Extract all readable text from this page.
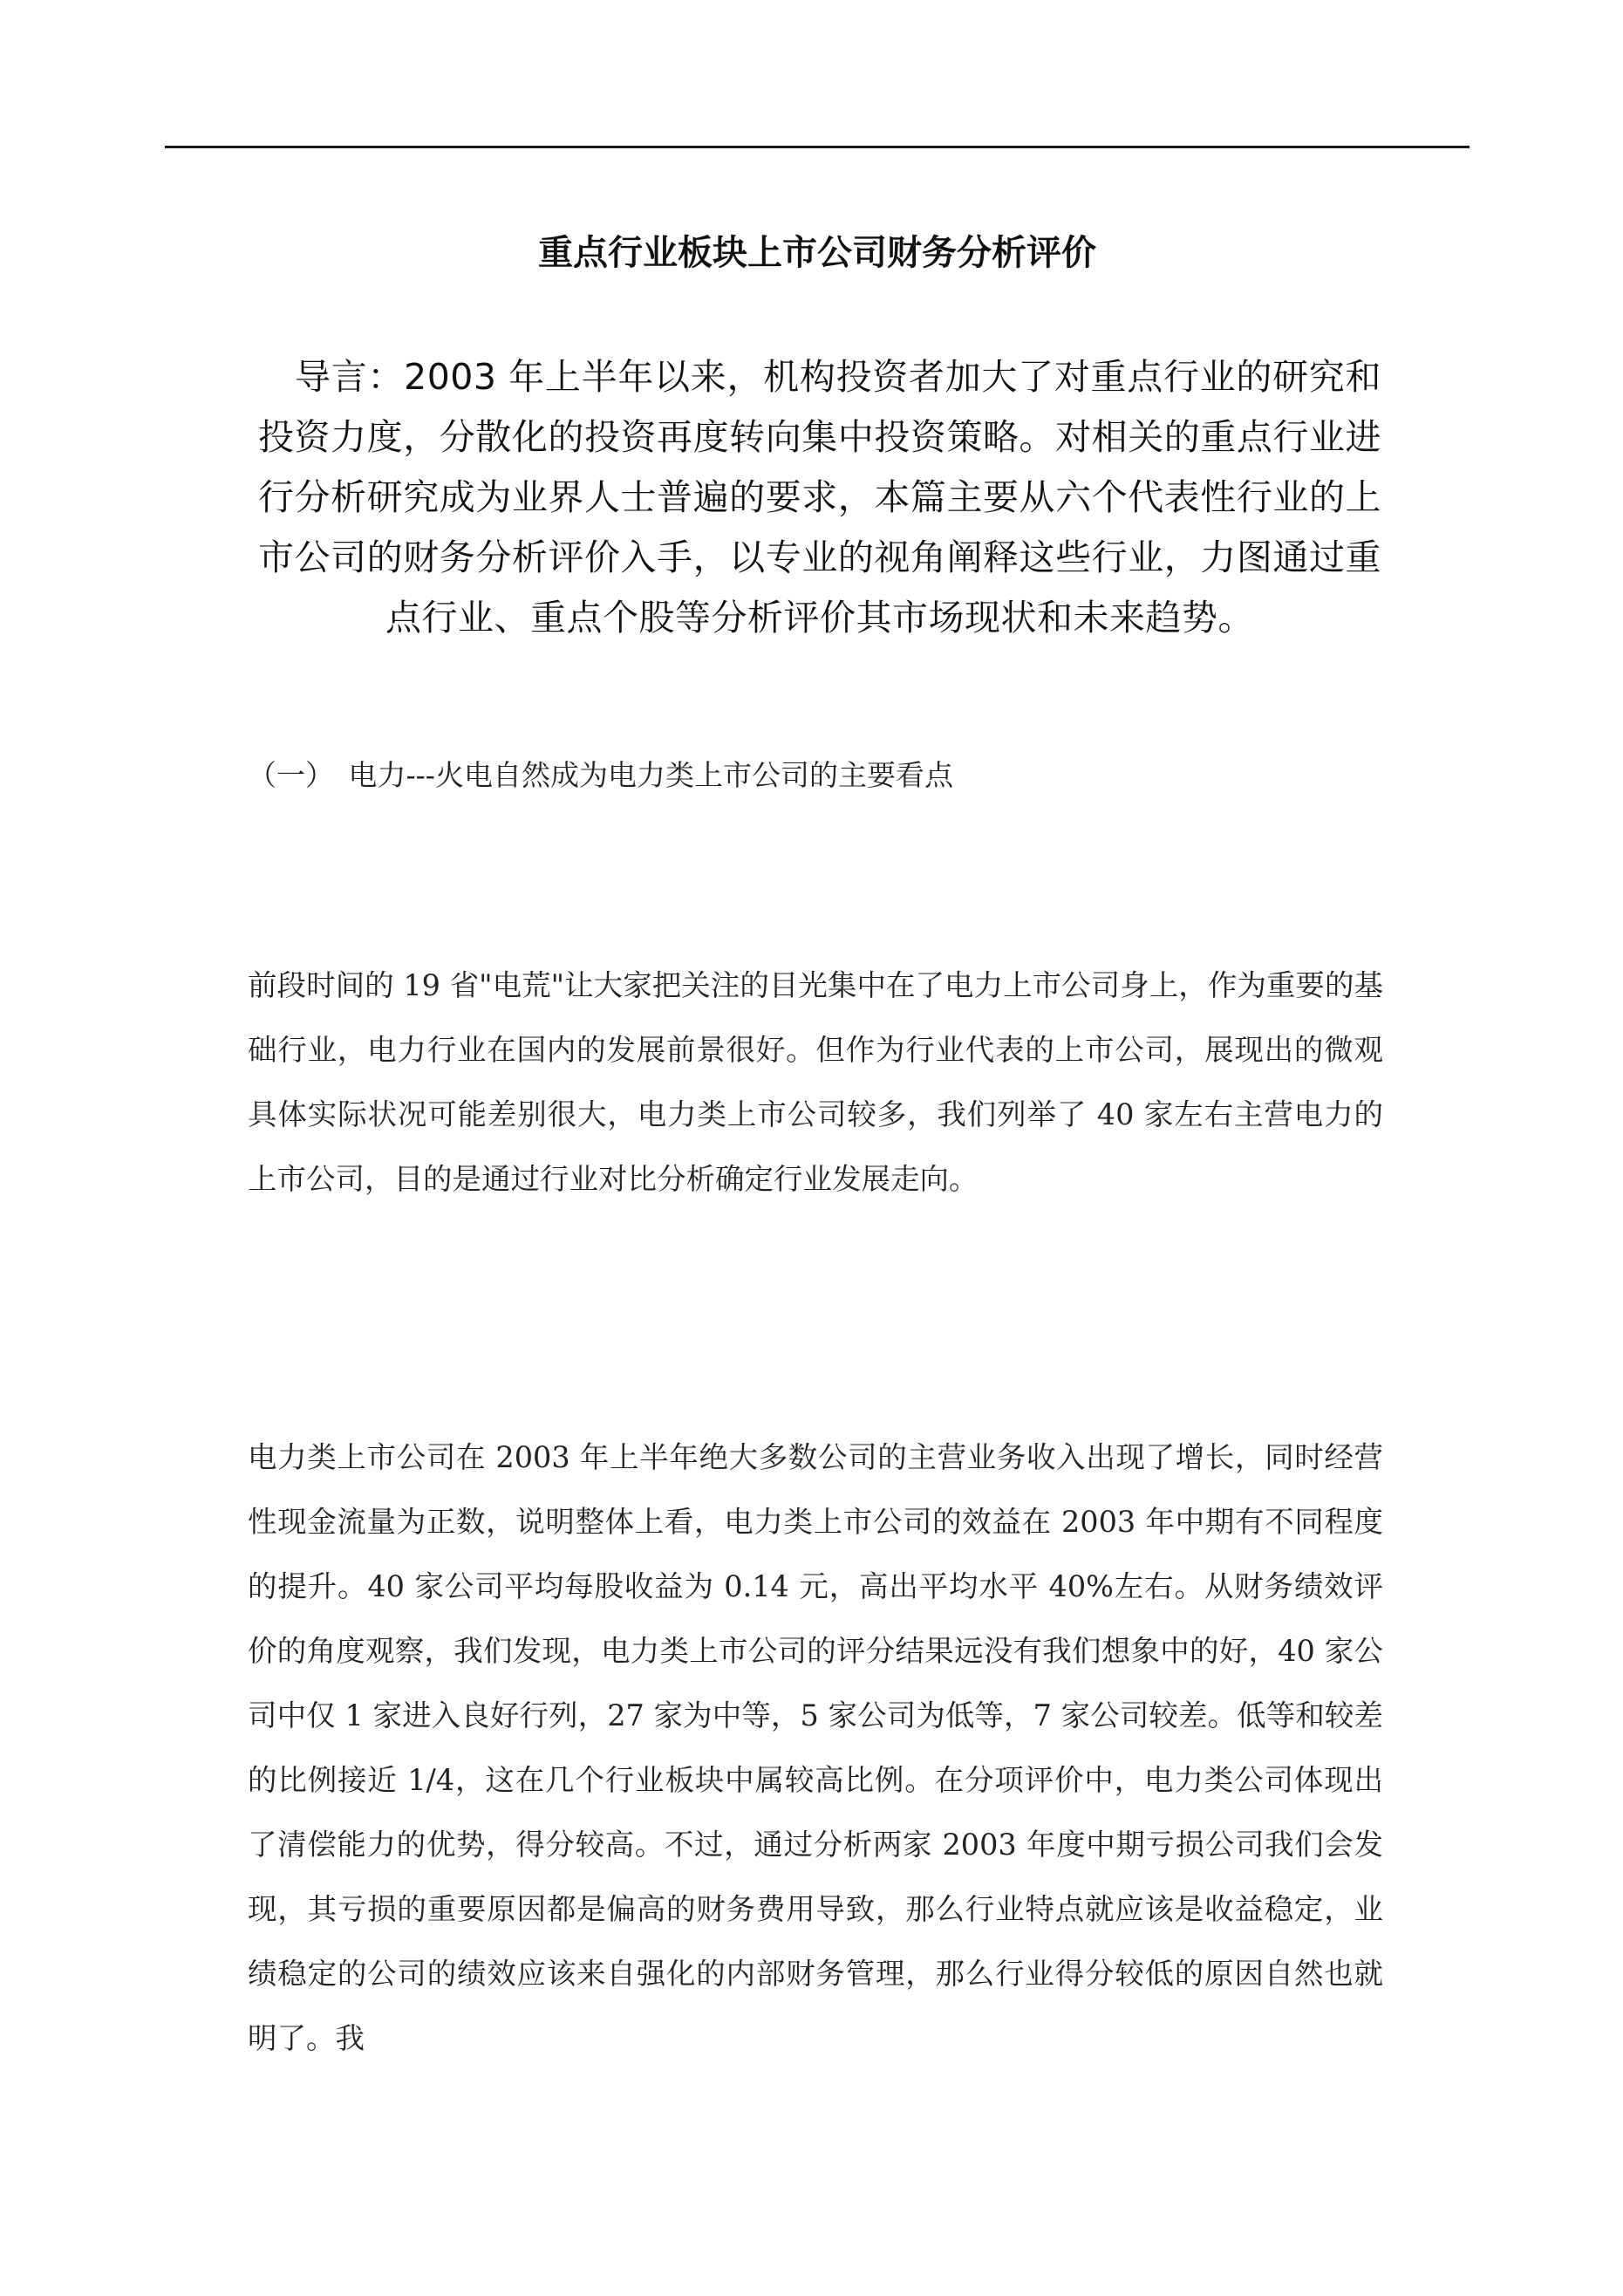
重点行业板块上市公司财务分析评价

导言：2003 年上半年以来，机构投资者加大了对重点行业的研究和投资力度，分散化的投资再度转向集中投资策略。对相关的重点行业进行分析研究成为业界人士普遍的要求，本篇主要从六个代表性行业的上市公司的财务分析评价入手，以专业的视角阐释这些行业，力图通过重点行业、重点个股等分析评价其市场现状和未来趋势。

（一）　电力---火电自然成为电力类上市公司的主要看点

前段时间的 19 省"电荒"让大家把关注的目光集中在了电力上市公司身上，作为重要的基础行业，电力行业在国内的发展前景很好。但作为行业代表的上市公司，展现出的微观具体实际状况可能差别很大，电力类上市公司较多，我们列举了 40 家左右主营电力的上市公司，目的是通过行业对比分析确定行业发展走向。

电力类上市公司在 2003 年上半年绝大多数公司的主营业务收入出现了增长，同时经营性现金流量为正数，说明整体上看，电力类上市公司的效益在 2003 年中期有不同程度的提升。40 家公司平均每股收益为 0.14 元，高出平均水平 40%左右。从财务绩效评价的角度观察，我们发现，电力类上市公司的评分结果远没有我们想象中的好，40 家公司中仅 1 家进入良好行列，27 家为中等，5 家公司为低等，7 家公司较差。低等和较差的比例接近 1/4，这在几个行业板块中属较高比例。在分项评价中，电力类公司体现出了清偿能力的优势，得分较高。不过，通过分析两家 2003 年度中期亏损公司我们会发现，其亏损的重要原因都是偏高的财务费用导致，那么行业特点就应该是收益稳定，业绩稳定的公司的绩效应该来自强化的内部财务管理，那么行业得分较低的原因自然也就明了。我
